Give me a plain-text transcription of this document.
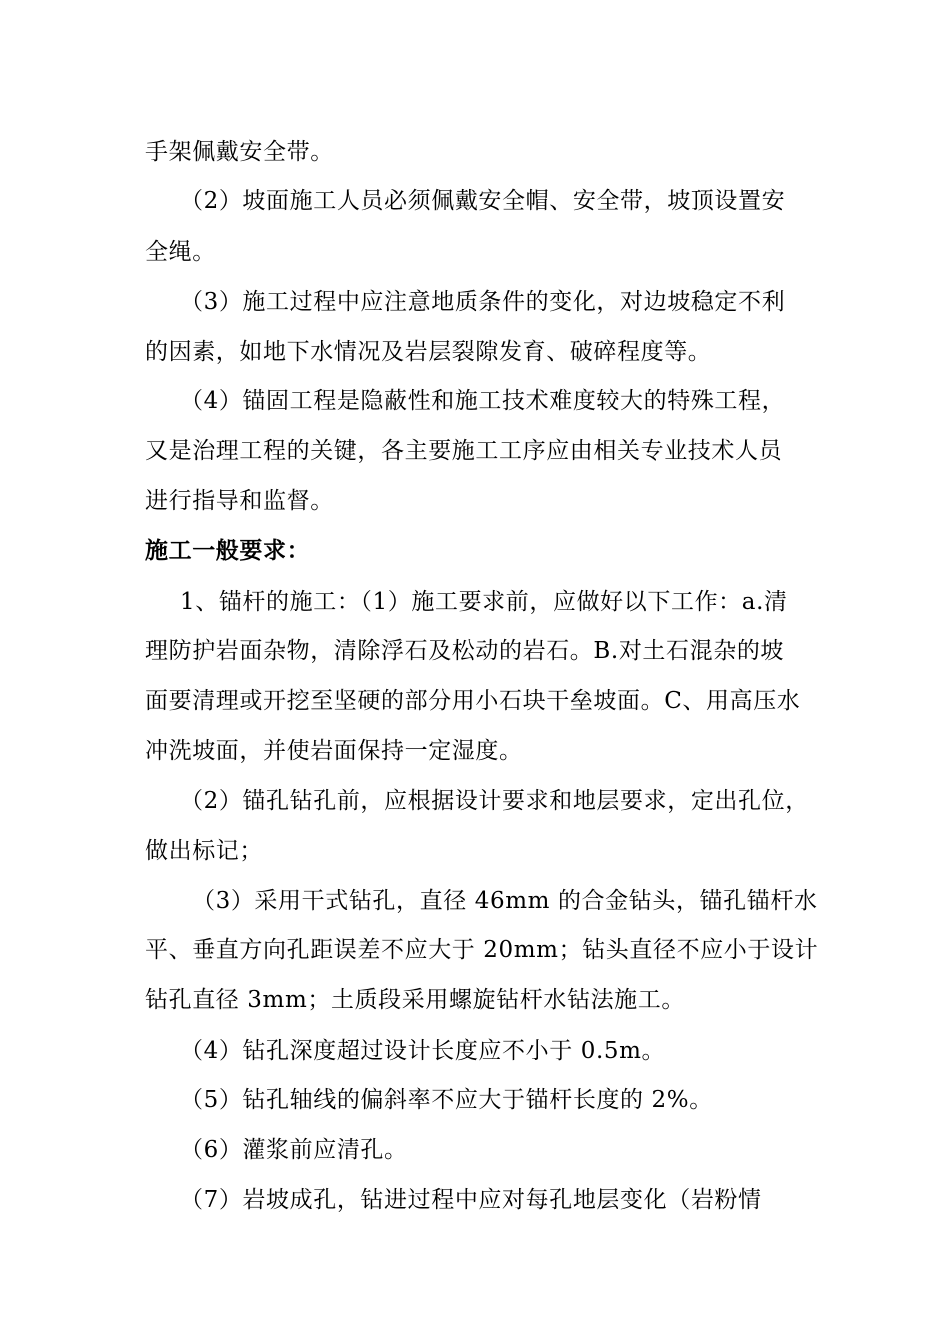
手架佩戴安全带。
（2）坡面施工人员必须佩戴安全帽、安全带，坡顶设置安
全绳。
（3）施工过程中应注意地质条件的变化，对边坡稳定不利
的因素，如地下水情况及岩层裂隙发育、破碎程度等。
（4）锚固工程是隐蔽性和施工技术难度较大的特殊工程，
又是治理工程的关键，各主要施工工序应由相关专业技术人员
进行指导和监督。
施工一般要求：
1、锚杆的施工：（1）施工要求前，应做好以下工作：a.清
理防护岩面杂物，清除浮石及松动的岩石。B.对土石混杂的坡
面要清理或开挖至坚硬的部分用小石块干垒坡面。C、用高压水
冲洗坡面，并使岩面保持一定湿度。
（2）锚孔钻孔前，应根据设计要求和地层要求，定出孔位，
做出标记；
（3）采用干式钻孔，直径 46mm 的合金钻头，锚孔锚杆水
平、垂直方向孔距误差不应大于 20mm；钻头直径不应小于设计
钻孔直径 3mm；土质段采用螺旋钻杆水钻法施工。
（4）钻孔深度超过设计长度应不小于 0.5m。
（5）钻孔轴线的偏斜率不应大于锚杆长度的 2%。
（6）灌浆前应清孔。
（7）岩坡成孔，钻进过程中应对每孔地层变化（岩粉情
